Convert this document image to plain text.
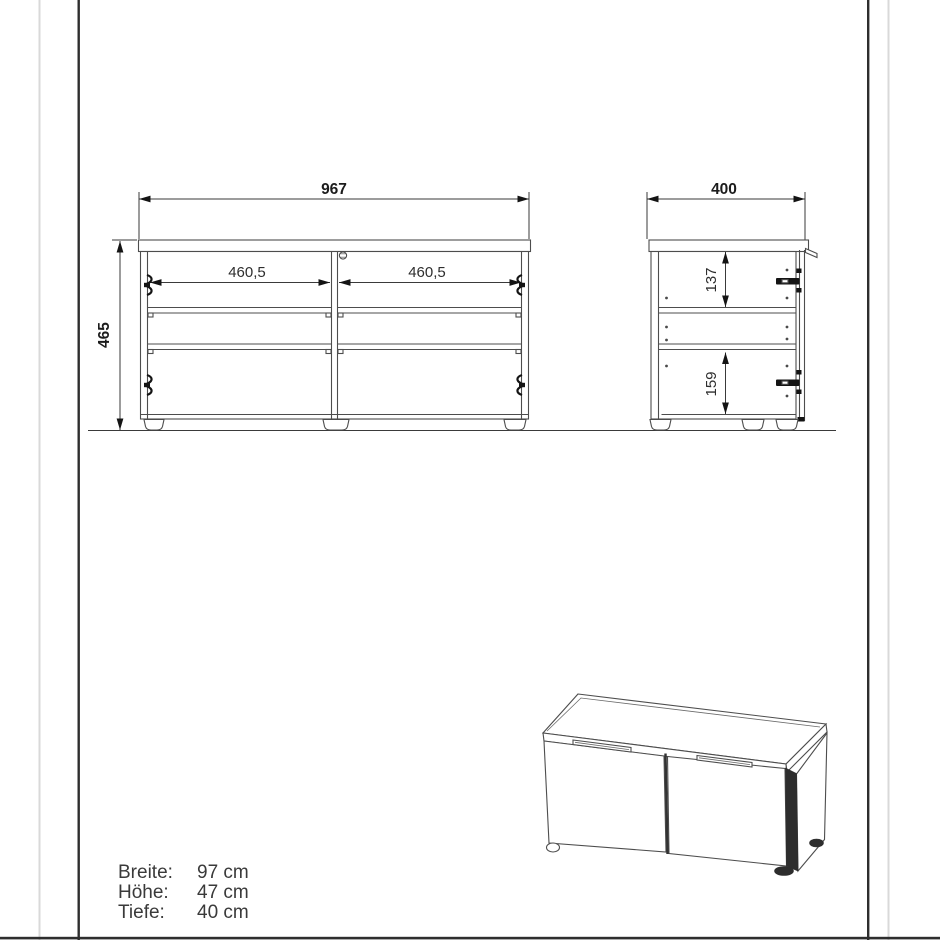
967
465
460,5	460,5
400
137
159
Breite: 97 cm
Höhe: 47 cm
Tiefe: 40 cm
